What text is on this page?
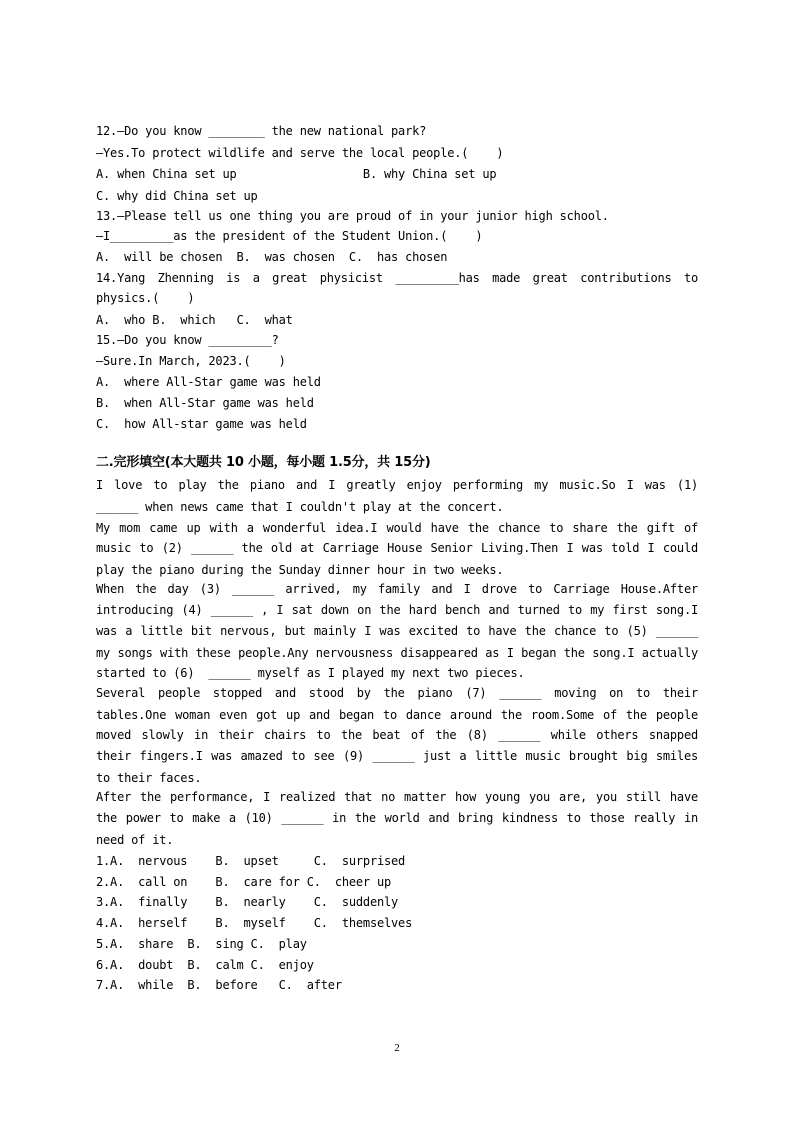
12.—Do you know ________ the new national park?
—Yes.To protect wildlife and serve the local people.(    )
A. when China set up                  B. why China set up
C. why did China set up
13.—Please tell us one thing you are proud of in your junior high school.
—I_________as the president of the Student Union.(    )
A.  will be chosen  B.  was chosen  C.  has chosen
14.Yang Zhenning is a great physicist _________has made great contributions to
physics.(    )
A.  who B.  which   C.  what
15.—Do you know _________?
—Sure.In March, 2023.(    )
A.  where All-Star game was held
B.  when All-Star game was held
C.  how All-star game was held
二.完形填空(本大题共 10 小题，每小题 1.5分，共 15分)
I love to play the piano and I greatly enjoy performing my music.So I was (1)
______ when news came that I couldn't play at the concert.
My mom came up with a wonderful idea.I would have the chance to share the gift of
music to (2) ______ the old at Carriage House Senior Living.Then I was told I could
play the piano during the Sunday dinner hour in two weeks.
When the day (3) ______ arrived, my family and I drove to Carriage House.After
introducing (4) ______ , I sat down on the hard bench and turned to my first song.I
was a little bit nervous, but mainly I was excited to have the chance to (5) ______
my songs with these people.Any nervousness disappeared as I began the song.I actually
started to (6)  ______ myself as I played my next two pieces.
Several people stopped and stood by the piano (7) ______ moving on to their
tables.One woman even got up and began to dance around the room.Some of the people
moved slowly in their chairs to the beat of the (8) ______ while others snapped
their fingers.I was amazed to see (9) ______ just a little music brought big smiles
to their faces.
After the performance, I realized that no matter how young you are, you still have
the power to make a (10) ______ in the world and bring kindness to those really in
need of it.
1.A.  nervous    B.  upset     C.  surprised
2.A.  call on    B.  care for C.  cheer up
3.A.  finally    B.  nearly    C.  suddenly
4.A.  herself    B.  myself    C.  themselves
5.A.  share  B.  sing C.  play
6.A.  doubt  B.  calm C.  enjoy
7.A.  while  B.  before   C.  after
2
